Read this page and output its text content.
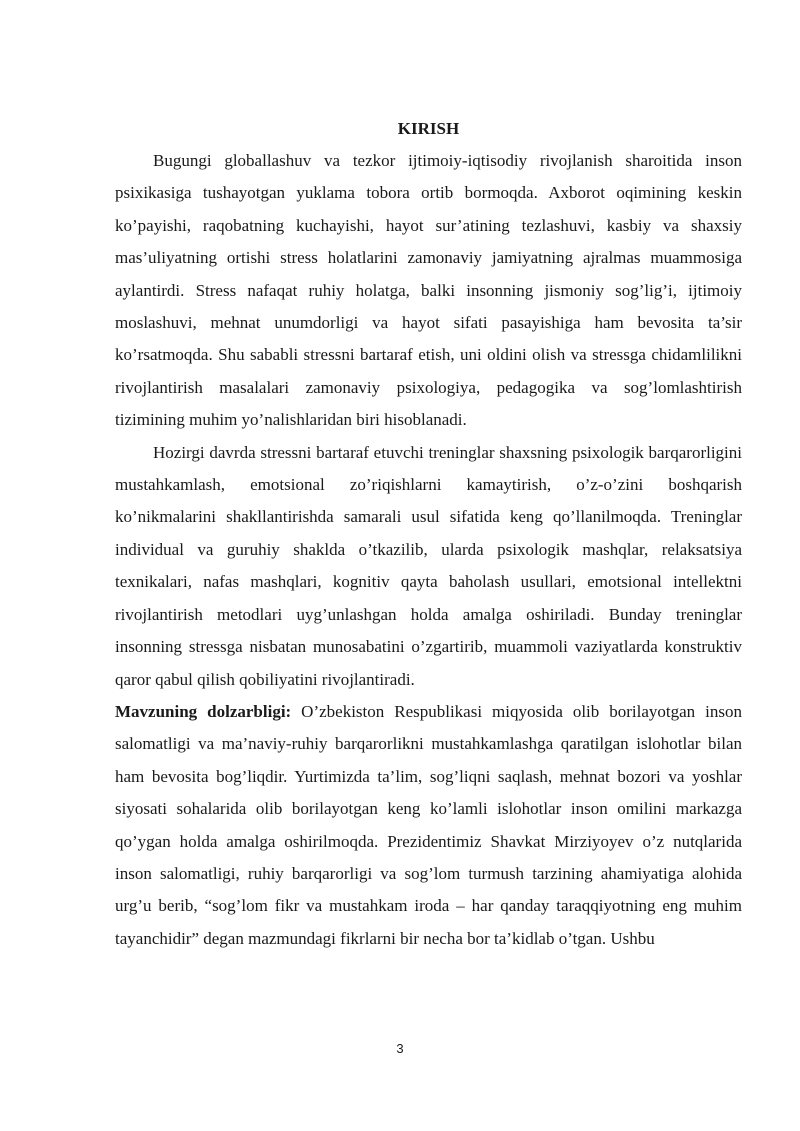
KIRISH

Bugungi globallashuv va tezkor ijtimoiy-iqtisodiy rivojlanish sharoitida inson psixikasiga tushayotgan yuklama tobora ortib bormoqda. Axborot oqimining keskin ko’payishi, raqobatning kuchayishi, hayot sur’atining tezlashuvi, kasbiy va shaxsiy mas’uliyatning ortishi stress holatlarini zamonaviy jamiyatning ajralmas muammosiga aylantirdi. Stress nafaqat ruhiy holatga, balki insonning jismoniy sog’lig’i, ijtimoiy moslashuvi, mehnat unumdorligi va hayot sifati pasayishiga ham bevosita ta’sir ko’rsatmoqda. Shu sababli stressni bartaraf etish, uni oldini olish va stressga chidamlilikni rivojlantirish masalalari zamonaviy psixologiya, pedagogika va sog’lomlashtirish tizimining muhim yo’nalishlaridan biri hisoblanadi.

Hozirgi davrda stressni bartaraf etuvchi treninglar shaxsning psixologik barqarorligini mustahkamlash, emotsional zo’riqishlarni kamaytirish, o’z-o’zini boshqarish ko’nikmalarini shakllantirishda samarali usul sifatida keng qo’llanilmoqda. Treninglar individual va guruhiy shaklda o’tkazilib, ularda psixologik mashqlar, relaksatsiya texnikalari, nafas mashqlari, kognitiv qayta baholash usullari, emotsional intellektni rivojlantirish metodlari uyg’unlashgan holda amalga oshiriladi. Bunday treninglar insonning stressga nisbatan munosabatini o’zgartirib, muammoli vaziyatlarda konstruktiv qaror qabul qilish qobiliyatini rivojlantiradi.

Mavzuning dolzarbligi: O’zbekiston Respublikasi miqyosida olib borilayotgan inson salomatligi va ma’naviy-ruhiy barqarorlikni mustahkamlashga qaratilgan islohotlar bilan ham bevosita bog’liqdir. Yurtimizda ta’lim, sog’liqni saqlash, mehnat bozori va yoshlar siyosati sohalarida olib borilayotgan keng ko’lamli islohotlar inson omilini markazga qo’ygan holda amalga oshirilmoqda. Prezidentimiz Shavkat Mirziyoyev o’z nutqlarida inson salomatligi, ruhiy barqarorligi va sog’lom turmush tarzining ahamiyatiga alohida urg’u berib, “sog’lom fikr va mustahkam iroda – har qanday taraqqiyotning eng muhim tayanchidir” degan mazmundagi fikrlarni bir necha bor ta’kidlab o’tgan. Ushbu

3
